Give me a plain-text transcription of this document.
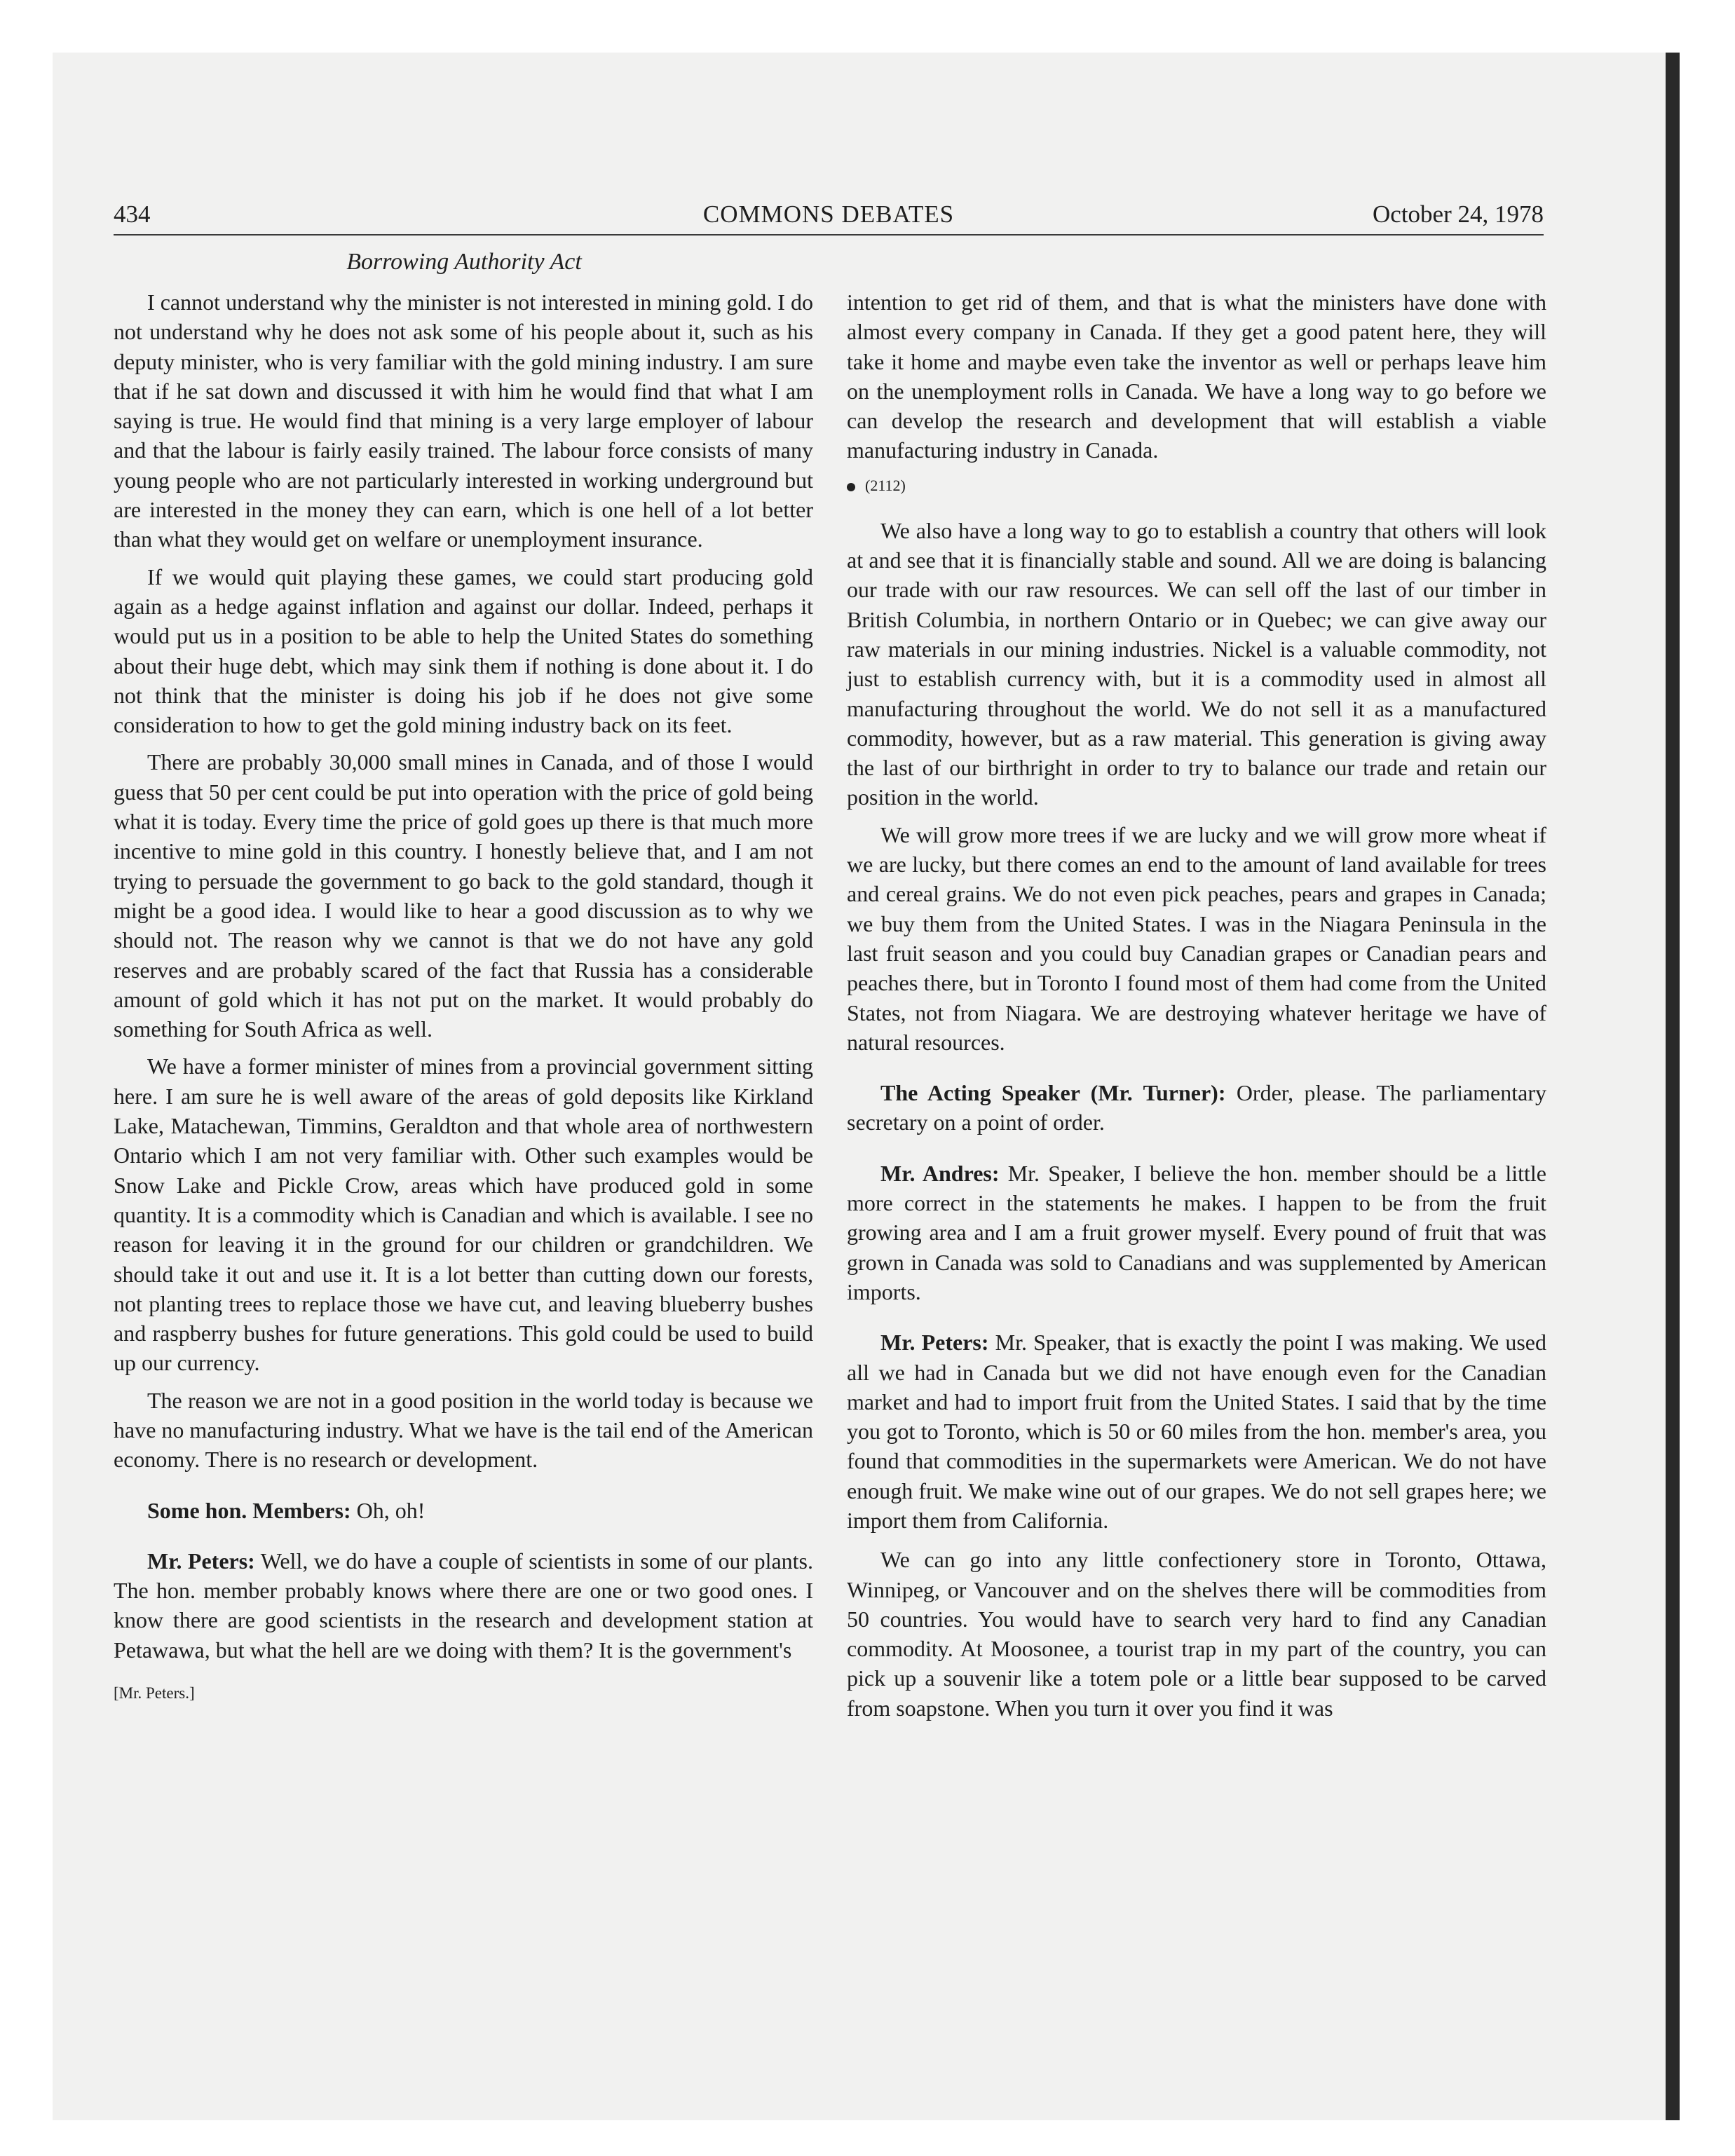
434	COMMONS DEBATES	October 24, 1978
Borrowing Authority Act

I cannot understand why the minister is not interested in mining gold. I do not understand why he does not ask some of his people about it, such as his deputy minister, who is very familiar with the gold mining industry. I am sure that if he sat down and discussed it with him he would find that what I am saying is true. He would find that mining is a very large employer of labour and that the labour is fairly easily trained. The labour force consists of many young people who are not particularly interested in working underground but are interested in the money they can earn, which is one hell of a lot better than what they would get on welfare or unemployment insurance.

If we would quit playing these games, we could start producing gold again as a hedge against inflation and against our dollar. Indeed, perhaps it would put us in a position to be able to help the United States do something about their huge debt, which may sink them if nothing is done about it. I do not think that the minister is doing his job if he does not give some consideration to how to get the gold mining industry back on its feet.

There are probably 30,000 small mines in Canada, and of those I would guess that 50 per cent could be put into operation with the price of gold being what it is today. Every time the price of gold goes up there is that much more incentive to mine gold in this country. I honestly believe that, and I am not trying to persuade the government to go back to the gold standard, though it might be a good idea. I would like to hear a good discussion as to why we should not. The reason why we cannot is that we do not have any gold reserves and are probably scared of the fact that Russia has a considerable amount of gold which it has not put on the market. It would probably do something for South Africa as well.

We have a former minister of mines from a provincial government sitting here. I am sure he is well aware of the areas of gold deposits like Kirkland Lake, Matachewan, Timmins, Geraldton and that whole area of northwestern Ontario which I am not very familiar with. Other such examples would be Snow Lake and Pickle Crow, areas which have produced gold in some quantity. It is a commodity which is Canadian and which is available. I see no reason for leaving it in the ground for our children or grandchildren. We should take it out and use it. It is a lot better than cutting down our forests, not planting trees to replace those we have cut, and leaving blueberry bushes and raspberry bushes for future generations. This gold could be used to build up our currency.

The reason we are not in a good position in the world today is because we have no manufacturing industry. What we have is the tail end of the American economy. There is no research or development.

Some hon. Members: Oh, oh!

Mr. Peters: Well, we do have a couple of scientists in some of our plants. The hon. member probably knows where there are one or two good ones. I know there are good scientists in the research and development station at Petawawa, but what the hell are we doing with them? It is the government's

[Mr. Peters.]

intention to get rid of them, and that is what the ministers have done with almost every company in Canada. If they get a good patent here, they will take it home and maybe even take the inventor as well or perhaps leave him on the unemployment rolls in Canada. We have a long way to go before we can develop the research and development that will establish a viable manufacturing industry in Canada.

(2112)

We also have a long way to go to establish a country that others will look at and see that it is financially stable and sound. All we are doing is balancing our trade with our raw resources. We can sell off the last of our timber in British Columbia, in northern Ontario or in Quebec; we can give away our raw materials in our mining industries. Nickel is a valuable commodity, not just to establish currency with, but it is a commodity used in almost all manufacturing throughout the world. We do not sell it as a manufactured commodity, however, but as a raw material. This generation is giving away the last of our birthright in order to try to balance our trade and retain our position in the world.

We will grow more trees if we are lucky and we will grow more wheat if we are lucky, but there comes an end to the amount of land available for trees and cereal grains. We do not even pick peaches, pears and grapes in Canada; we buy them from the United States. I was in the Niagara Peninsula in the last fruit season and you could buy Canadian grapes or Canadian pears and peaches there, but in Toronto I found most of them had come from the United States, not from Niagara. We are destroying whatever heritage we have of natural resources.

The Acting Speaker (Mr. Turner): Order, please. The parliamentary secretary on a point of order.

Mr. Andres: Mr. Speaker, I believe the hon. member should be a little more correct in the statements he makes. I happen to be from the fruit growing area and I am a fruit grower myself. Every pound of fruit that was grown in Canada was sold to Canadians and was supplemented by American imports.

Mr. Peters: Mr. Speaker, that is exactly the point I was making. We used all we had in Canada but we did not have enough even for the Canadian market and had to import fruit from the United States. I said that by the time you got to Toronto, which is 50 or 60 miles from the hon. member's area, you found that commodities in the supermarkets were American. We do not have enough fruit. We make wine out of our grapes. We do not sell grapes here; we import them from California.

We can go into any little confectionery store in Toronto, Ottawa, Winnipeg, or Vancouver and on the shelves there will be commodities from 50 countries. You would have to search very hard to find any Canadian commodity. At Moosonee, a tourist trap in my part of the country, you can pick up a souvenir like a totem pole or a little bear supposed to be carved from soapstone. When you turn it over you find it was
